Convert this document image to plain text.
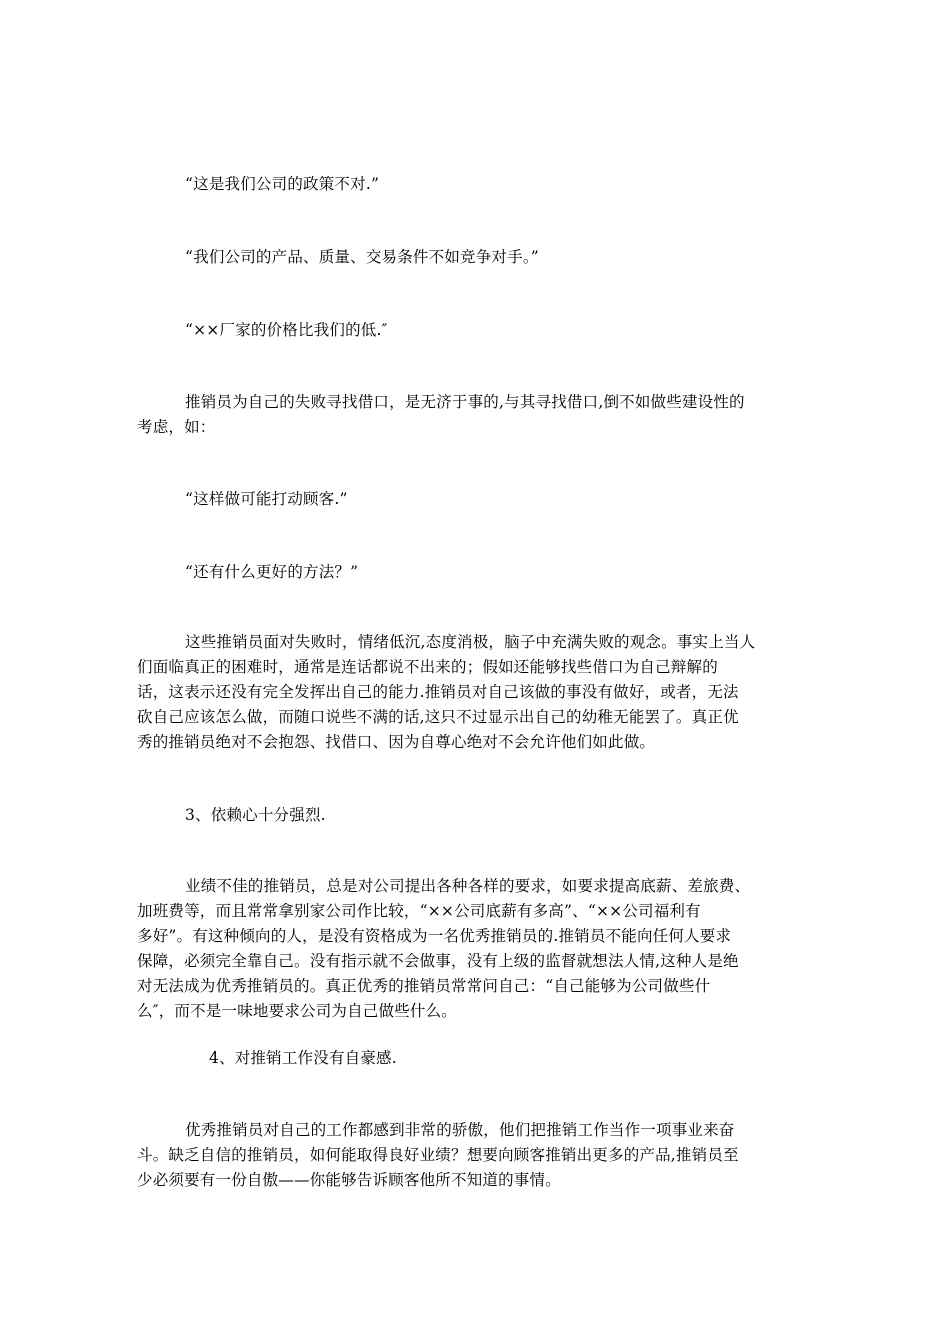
“这是我们公司的政策不对.”
“我们公司的产品、质量、交易条件不如竞争对手。”
“××厂家的价格比我们的低.″
推销员为自己的失败寻找借口，是无济于事的,与其寻找借口,倒不如做些建设性的
考虑，如：
“这样做可能打动顾客.”
“还有什么更好的方法？”
这些推销员面对失败时，情绪低沉,态度消极，脑子中充满失败的观念。事实上当人
们面临真正的困难时，通常是连话都说不出来的；假如还能够找些借口为自己辩解的
话，这表示还没有完全发挥出自己的能力.推销员对自己该做的事没有做好，或者，无法
砍自己应该怎么做，而随口说些不满的话,这只不过显示出自己的幼稚无能罢了。真正优
秀的推销员绝对不会抱怨、找借口、因为自尊心绝对不会允许他们如此做。
3、依赖心十分强烈.
业绩不佳的推销员，总是对公司提出各种各样的要求，如要求提高底薪、差旅费、
加班费等，而且常常拿别家公司作比较，“××公司底薪有多高”、“××公司福利有
多好”。有这种倾向的人，是没有资格成为一名优秀推销员的.推销员不能向任何人要求
保障，必须完全靠自己。没有指示就不会做事，没有上级的监督就想法人情,这种人是绝
对无法成为优秀推销员的。真正优秀的推销员常常问自己：“自己能够为公司做些什
么″，而不是一味地要求公司为自己做些什么。
4、对推销工作没有自豪感.
优秀推销员对自己的工作都感到非常的骄傲，他们把推销工作当作一项事业来奋
斗。缺乏自信的推销员，如何能取得良好业绩？想要向顾客推销出更多的产品,推销员至
少必须要有一份自傲——你能够告诉顾客他所不知道的事情。
